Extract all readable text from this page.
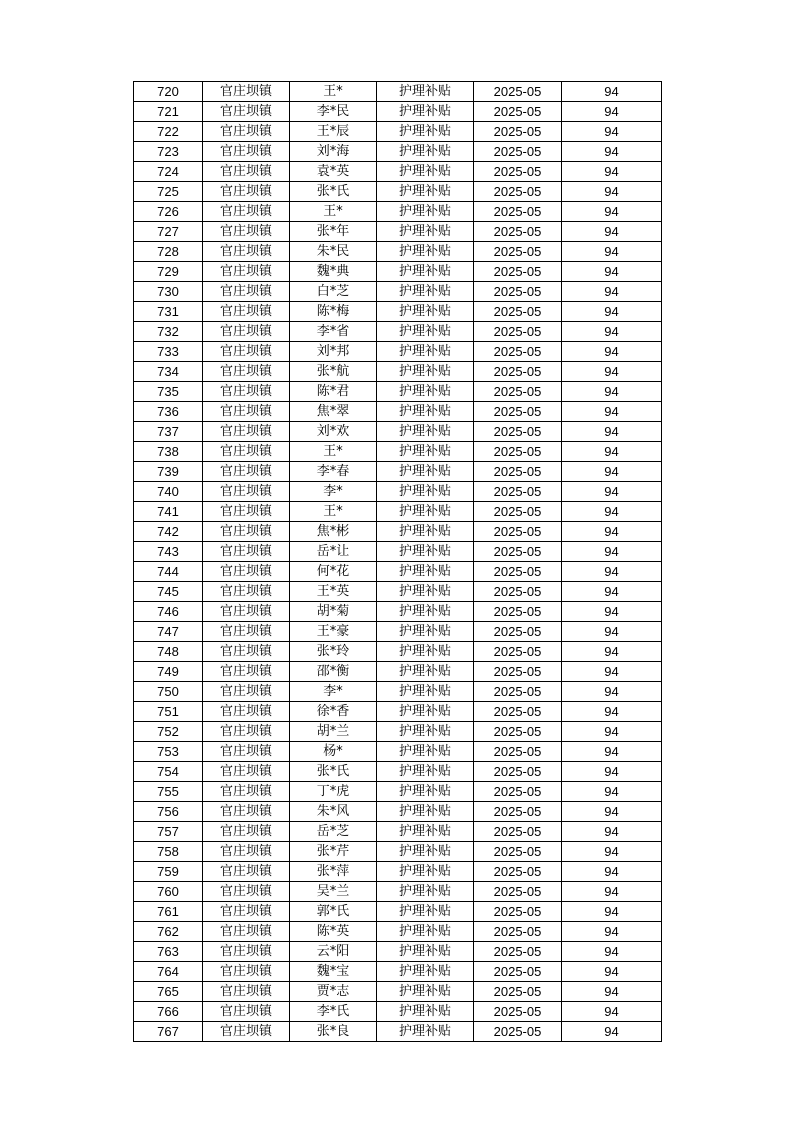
720	官庄坝镇	王*	护理补贴	2025-05	94
721	官庄坝镇	李*民	护理补贴	2025-05	94
722	官庄坝镇	王*辰	护理补贴	2025-05	94
723	官庄坝镇	刘*海	护理补贴	2025-05	94
724	官庄坝镇	袁*英	护理补贴	2025-05	94
725	官庄坝镇	张*氏	护理补贴	2025-05	94
726	官庄坝镇	王*	护理补贴	2025-05	94
727	官庄坝镇	张*年	护理补贴	2025-05	94
728	官庄坝镇	朱*民	护理补贴	2025-05	94
729	官庄坝镇	魏*典	护理补贴	2025-05	94
730	官庄坝镇	白*芝	护理补贴	2025-05	94
731	官庄坝镇	陈*梅	护理补贴	2025-05	94
732	官庄坝镇	李*省	护理补贴	2025-05	94
733	官庄坝镇	刘*邦	护理补贴	2025-05	94
734	官庄坝镇	张*航	护理补贴	2025-05	94
735	官庄坝镇	陈*君	护理补贴	2025-05	94
736	官庄坝镇	焦*翠	护理补贴	2025-05	94
737	官庄坝镇	刘*欢	护理补贴	2025-05	94
738	官庄坝镇	王*	护理补贴	2025-05	94
739	官庄坝镇	李*春	护理补贴	2025-05	94
740	官庄坝镇	李*	护理补贴	2025-05	94
741	官庄坝镇	王*	护理补贴	2025-05	94
742	官庄坝镇	焦*彬	护理补贴	2025-05	94
743	官庄坝镇	岳*让	护理补贴	2025-05	94
744	官庄坝镇	何*花	护理补贴	2025-05	94
745	官庄坝镇	王*英	护理补贴	2025-05	94
746	官庄坝镇	胡*菊	护理补贴	2025-05	94
747	官庄坝镇	王*豪	护理补贴	2025-05	94
748	官庄坝镇	张*玲	护理补贴	2025-05	94
749	官庄坝镇	邵*衡	护理补贴	2025-05	94
750	官庄坝镇	李*	护理补贴	2025-05	94
751	官庄坝镇	徐*香	护理补贴	2025-05	94
752	官庄坝镇	胡*兰	护理补贴	2025-05	94
753	官庄坝镇	杨*	护理补贴	2025-05	94
754	官庄坝镇	张*氏	护理补贴	2025-05	94
755	官庄坝镇	丁*虎	护理补贴	2025-05	94
756	官庄坝镇	朱*风	护理补贴	2025-05	94
757	官庄坝镇	岳*芝	护理补贴	2025-05	94
758	官庄坝镇	张*芹	护理补贴	2025-05	94
759	官庄坝镇	张*萍	护理补贴	2025-05	94
760	官庄坝镇	吴*兰	护理补贴	2025-05	94
761	官庄坝镇	郭*氏	护理补贴	2025-05	94
762	官庄坝镇	陈*英	护理补贴	2025-05	94
763	官庄坝镇	云*阳	护理补贴	2025-05	94
764	官庄坝镇	魏*宝	护理补贴	2025-05	94
765	官庄坝镇	贾*志	护理补贴	2025-05	94
766	官庄坝镇	李*氏	护理补贴	2025-05	94
767	官庄坝镇	张*良	护理补贴	2025-05	94
